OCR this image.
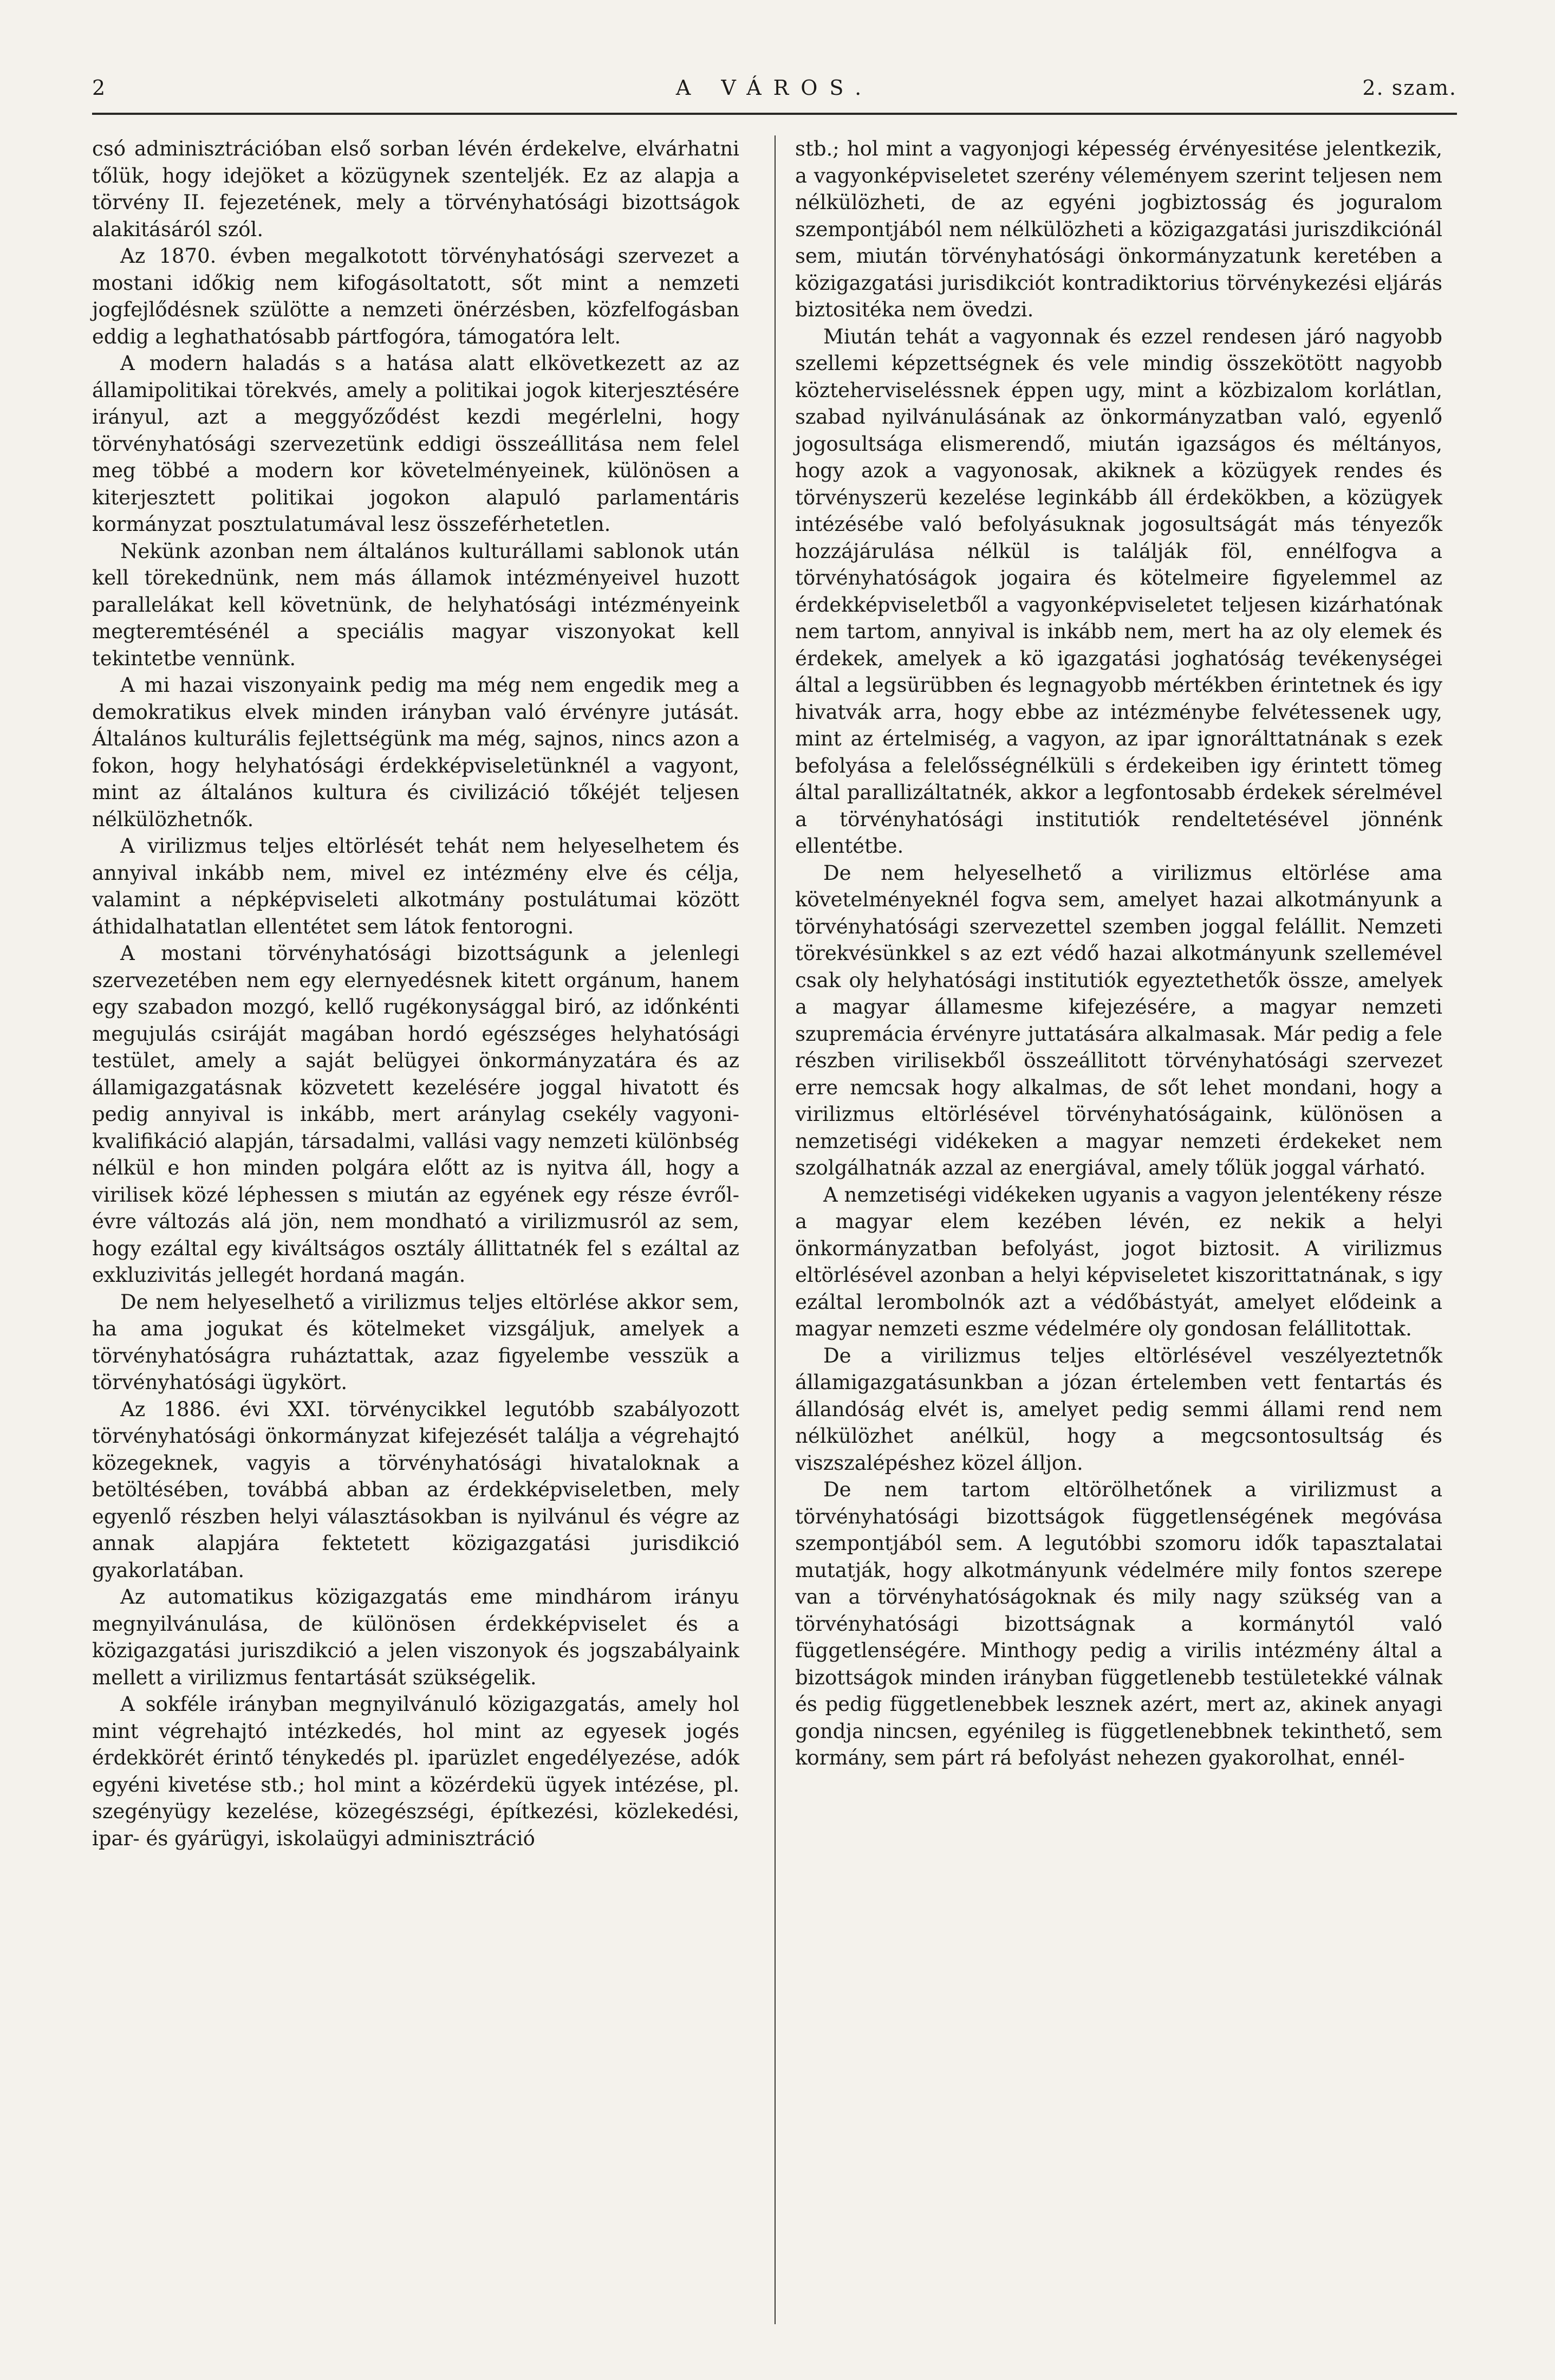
2	A VÁROS.	2. szam.

csó adminisztrációban első sorban lévén érdekelve, elvárhatni tőlük, hogy idejöket a közügynek szenteljék. Ez az alapja a törvény II. fejezetének, mely a törvényhatósági bizottságok alakitásáról szól.

Az 1870. évben megalkotott törvényhatósági szervezet a mostani időkig nem kifogásoltatott, sőt mint a nemzeti jogfejlődésnek szülötte a nemzeti önérzésben, közfelfogásban eddig a leghathatósabb pártfogóra, támogatóra lelt.

A modern haladás s a hatása alatt elkövetkezett az az államipolitikai törekvés, amely a politikai jogok kiterjesztésére irányul, azt a meggyőződést kezdi megérlelni, hogy törvényhatósági szervezetünk eddigi összeállitása nem felel meg többé a modern kor követelményeinek, különösen a kiterjesztett politikai jogokon alapuló parlamentáris kormányzat posztulatumával lesz összeférhetetlen.

Nekünk azonban nem általános kulturállami sablonok után kell törekednünk, nem más államok intézményeivel huzott parallelákat kell követnünk, de helyhatósági intézményeink megteremtésénél a speciális magyar viszonyokat kell tekintetbe vennünk.

A mi hazai viszonyaink pedig ma még nem engedik meg a demokratikus elvek minden irányban való érvényre jutását. Általános kulturális fejlettségünk ma még, sajnos, nincs azon a fokon, hogy helyhatósági érdekképviseletünknél a vagyont, mint az általános kultura és civilizáció tőkéjét teljesen nélkülözhetnők.

A virilizmus teljes eltörlését tehát nem helyeselhetem és annyival inkább nem, mivel ez intézmény elve és célja, valamint a népképviseleti alkotmány postulátumai között áthidalhatatlan ellentétet sem látok fentorogni.

A mostani törvényhatósági bizottságunk a jelenlegi szervezetében nem egy elernyedésnek kitett orgánum, hanem egy szabadon mozgó, kellő rugékonysággal biró, az időnkénti megujulás csiráját magában hordó egészséges helyhatósági testület, amely a saját belügyei önkormányzatára és az államigazgatásnak közvetett kezelésére joggal hivatott és pedig annyival is inkább, mert aránylag csekély vagyoni-kvalifikáció alapján, társadalmi, vallási vagy nemzeti különbség nélkül e hon minden polgára előtt az is nyitva áll, hogy a virilisek közé léphessen s miután az egyének egy része évről-évre változás alá jön, nem mondható a virilizmusról az sem, hogy ezáltal egy kiváltságos osztály állittatnék fel s ezáltal az exkluzivitás jellegét hordaná magán.

De nem helyeselhető a virilizmus teljes eltörlése akkor sem, ha ama jogukat és kötelmeket vizsgáljuk, amelyek a törvényhatóságra ruháztattak, azaz figyelembe vesszük a törvényhatósági ügykört.

Az 1886. évi XXI. törvénycikkel legutóbb szabályozott törvényhatósági önkormányzat kifejezését találja a végrehajtó közegeknek, vagyis a törvényhatósági hivataloknak a betöltésében, továbbá abban az érdekképviseletben, mely egyenlő részben helyi választásokban is nyilvánul és végre az annak alapjára fektetett közigazgatási jurisdikció gyakorlatában.

Az automatikus közigazgatás eme mindhárom irányu megnyilvánulása, de különösen érdekképviselet és a közigazgatási juriszdikció a jelen viszonyok és jogszabályaink mellett a virilizmus fentartását szükségelik.

A sokféle irányban megnyilvánuló közigazgatás, amely hol mint végrehajtó intézkedés, hol mint az egyesek jogés érdekkörét érintő ténykedés pl. iparüzlet engedélyezése, adók egyéni kivetése stb.; hol mint a közérdekü ügyek intézése, pl. szegényügy kezelése, közegészségi, építkezési, közlekedési, ipar- és gyárügyi, iskolaügyi adminisztráció

stb.; hol mint a vagyonjogi képesség érvényesitése jelentkezik, a vagyonképviseletet szerény véleményem szerint teljesen nem nélkülözheti, de az egyéni jogbiztosság és joguralom szempontjából nem nélkülözheti a közigazgatási juriszdikciónál sem, miután törvényhatósági önkormányzatunk keretében a közigazgatási jurisdikciót kontradiktorius törvénykezési eljárás biztositéka nem övedzi.

Miután tehát a vagyonnak és ezzel rendesen járó nagyobb szellemi képzettségnek és vele mindig összekötött nagyobb közteherviseléssnek éppen ugy, mint a közbizalom korlátlan, szabad nyilvánulásának az önkormányzatban való, egyenlő jogosultsága elismerendő, miután igazságos és méltányos, hogy azok a vagyonosak, akiknek a közügyek rendes és törvényszerü kezelése leginkább áll érdekökben, a közügyek intézésébe való befolyásuknak jogosultságát más tényezők hozzájárulása nélkül is találják föl, ennélfogva a törvényhatóságok jogaira és kötelmeire figyelemmel az érdekképviseletből a vagyonképviseletet teljesen kizárhatónak nem tartom, annyival is inkább nem, mert ha az oly elemek és érdekek, amelyek a kö igazgatási joghatóság tevékenységei által a legsürübben és legnagyobb mértékben érintetnek és igy hivatvák arra, hogy ebbe az intézménybe felvétessenek ugy, mint az értelmiség, a vagyon, az ipar ignorálttatnának s ezek befolyása a felelősségnélküli s érdekeiben igy érintett tömeg által parallizáltatnék, akkor a legfontosabb érdekek sérelmével a törvényhatósági institutiók rendeltetésével jönnénk ellentétbe.

De nem helyeselhető a virilizmus eltörlése ama követelményeknél fogva sem, amelyet hazai alkotmányunk a törvényhatósági szervezettel szemben joggal felállit. Nemzeti törekvésünkkel s az ezt védő hazai alkotmányunk szellemével csak oly helyhatósági institutiók egyeztethetők össze, amelyek a magyar államesme kifejezésére, a magyar nemzeti szupremácia érvényre juttatására alkalmasak. Már pedig a fele részben virilisekből összeállitott törvényhatósági szervezet erre nemcsak hogy alkalmas, de sőt lehet mondani, hogy a virilizmus eltörlésével törvényhatóságaink, különösen a nemzetiségi vidékeken a magyar nemzeti érdekeket nem szolgálhatnák azzal az energiával, amely tőlük joggal várható.

A nemzetiségi vidékeken ugyanis a vagyon jelentékeny része a magyar elem kezében lévén, ez nekik a helyi önkormányzatban befolyást, jogot biztosit. A virilizmus eltörlésével azonban a helyi képviseletet kiszorittatnának, s igy ezáltal lerombolnók azt a védőbástyát, amelyet elődeink a magyar nemzeti eszme védelmére oly gondosan felállitottak.

De a virilizmus teljes eltörlésével veszélyeztetnők államigazgatásunkban a józan értelemben vett fentartás és állandóság elvét is, amelyet pedig semmi állami rend nem nélkülözhet anélkül, hogy a megcsontosultság és viszszalépéshez közel álljon.

De nem tartom eltörölhetőnek a virilizmust a törvényhatósági bizottságok függetlenségének megóvása szempontjából sem. A legutóbbi szomoru idők tapasztalatai mutatják, hogy alkotmányunk védelmére mily fontos szerepe van a törvényhatóságoknak és mily nagy szükség van a törvényhatósági bizottságnak a kormánytól való függetlenségére. Minthogy pedig a virilis intézmény által a bizottságok minden irányban függetlenebb testületekké válnak és pedig függetlenebbek lesznek azért, mert az, akinek anyagi gondja nincsen, egyénileg is függetlenebbnek tekinthető, sem kormány, sem párt rá befolyást nehezen gyakorolhat, ennél-
